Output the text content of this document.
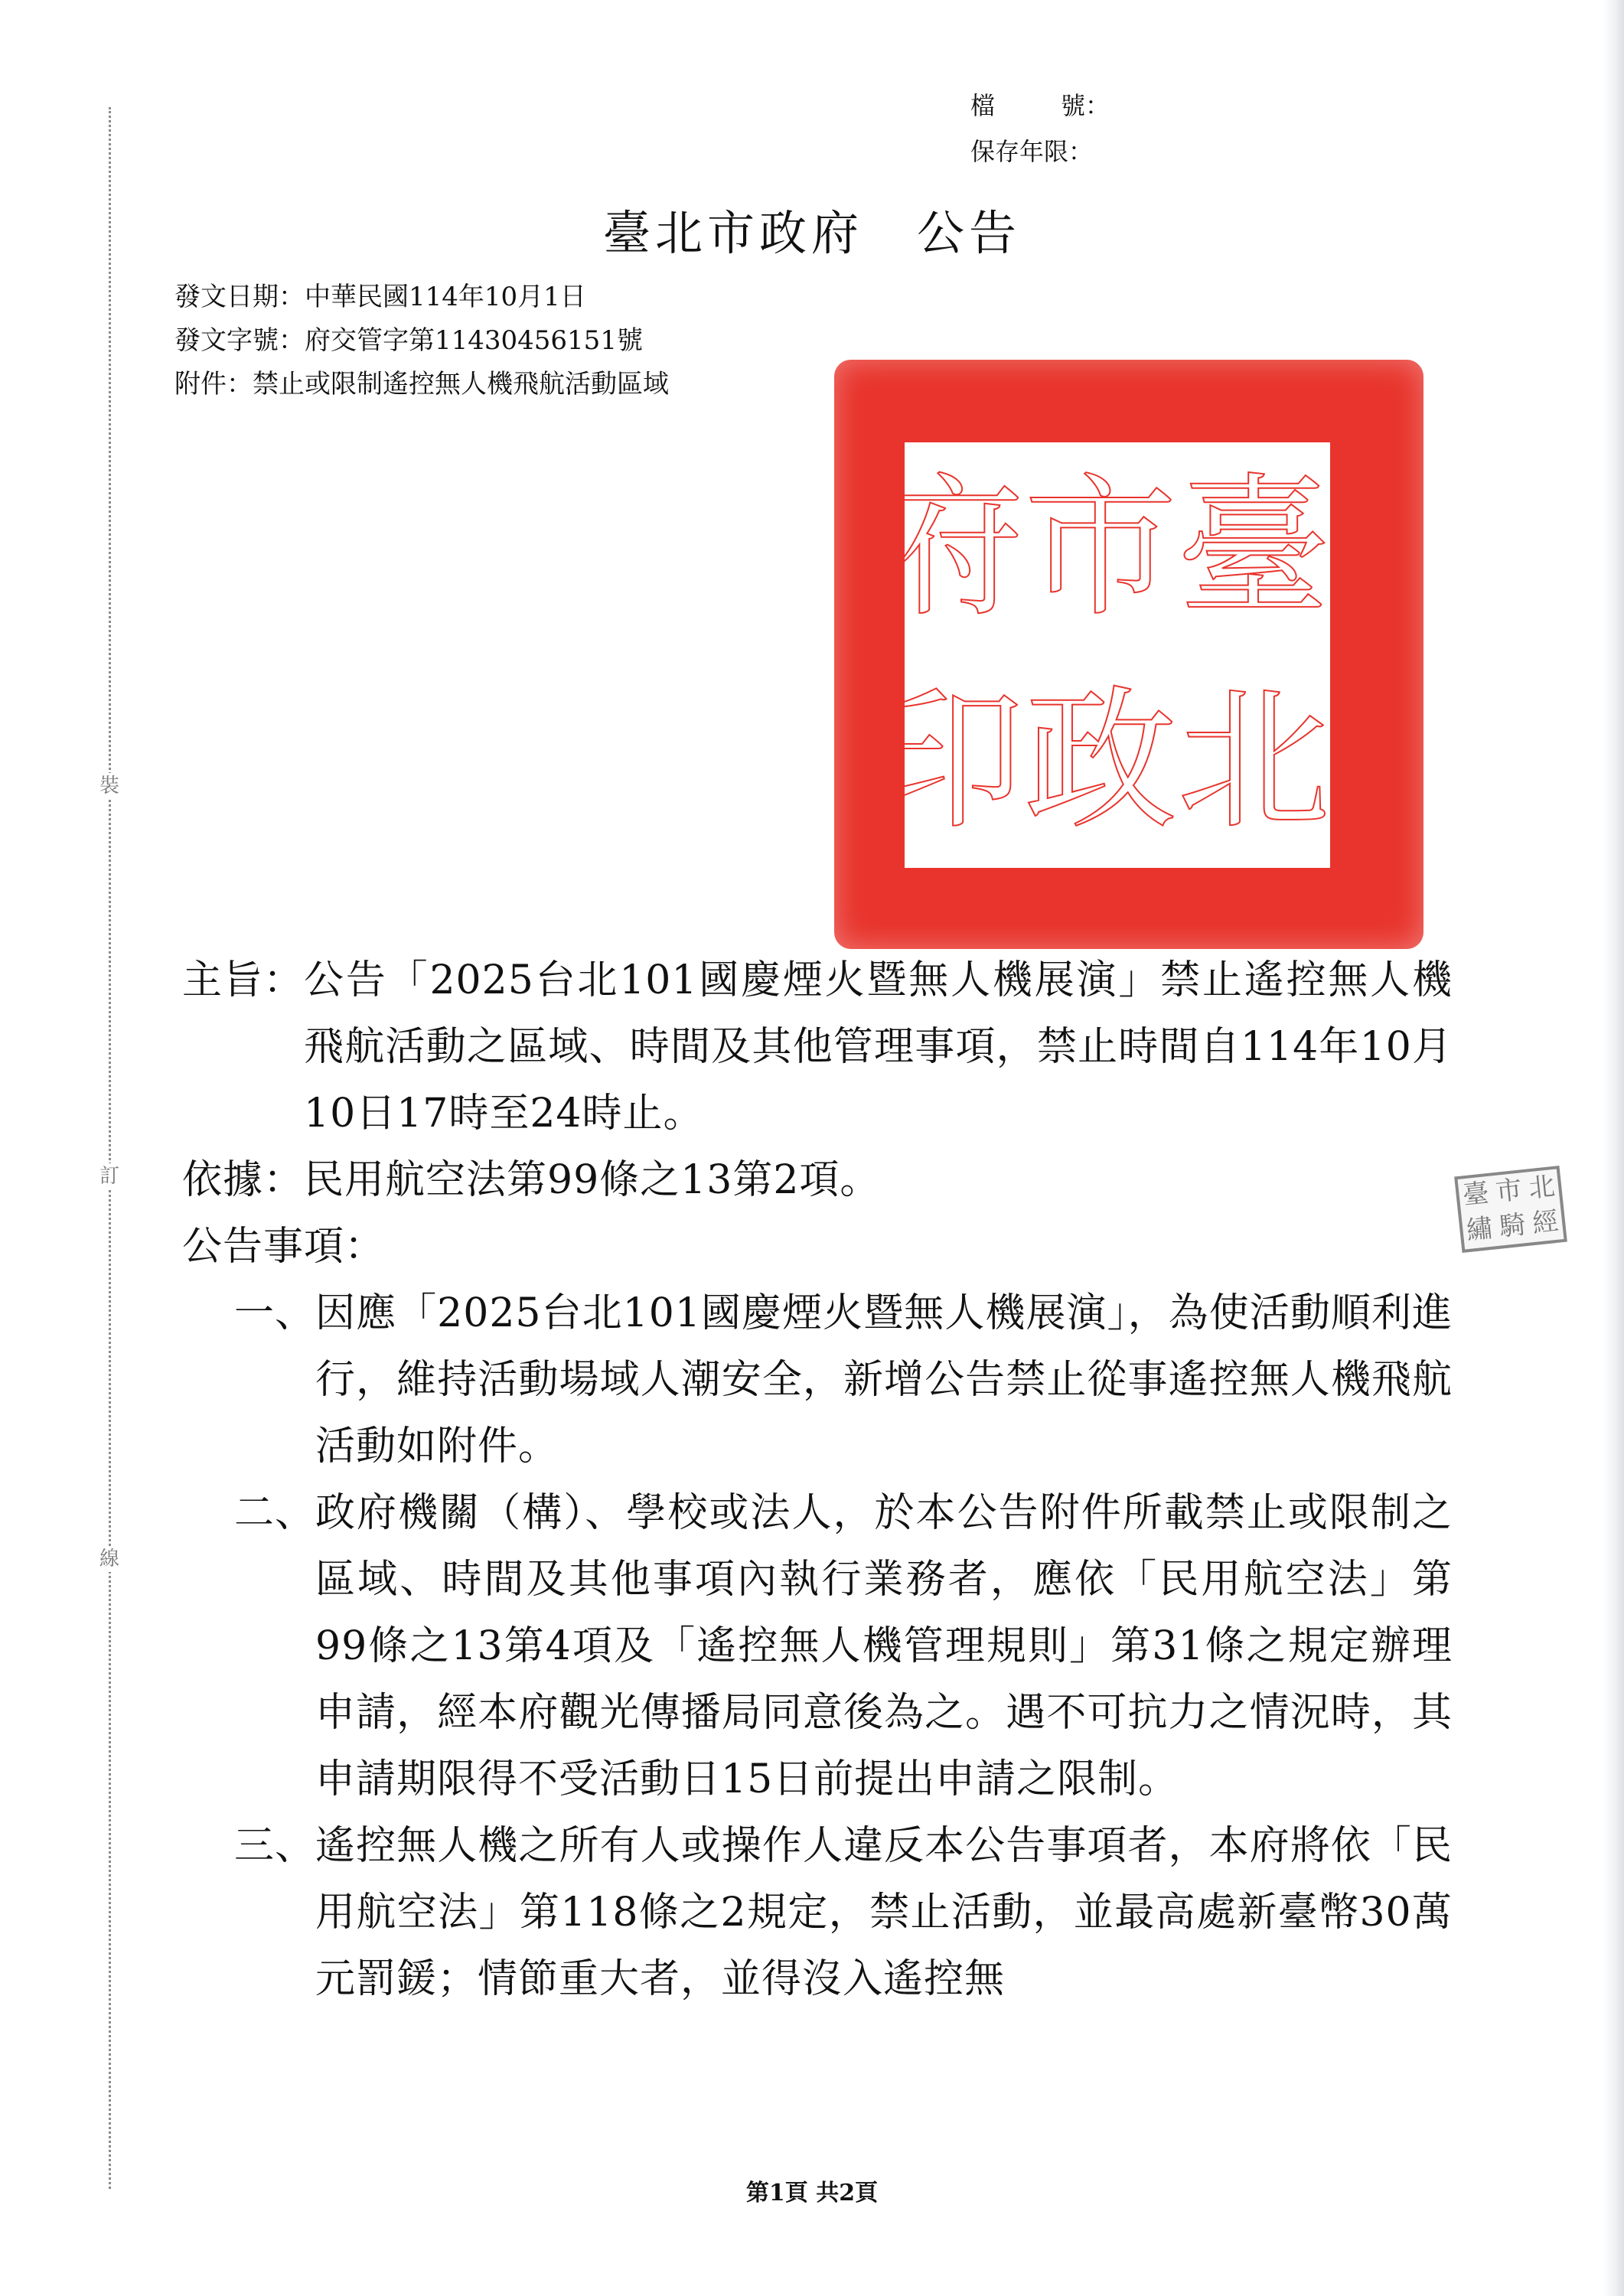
裝
訂
線
檔	號：
保存年限：
臺北市政府 公告
發文日期：中華民國114年10月1日
發文字號：府交管字第11430456151號
附件：禁止或限制遙控無人機飛航活動區域
臺
市
府
北
政
印
北
市
臺
經
騎
繡
主旨： 公告「2025台北101國慶煙火暨無人機展演」禁止遙控無人機飛航活動之區域、時間及其他管理事項，禁止時間自114年10月10日17時至24時止。
依據： 民用航空法第99條之13第2項。
公告事項：
一、 因應「2025台北101國慶煙火暨無人機展演」，為使活動順利進行，維持活動場域人潮安全，新增公告禁止從事遙控無人機飛航活動如附件。
二、 政府機關（構）、學校或法人，於本公告附件所載禁止或限制之區域、時間及其他事項內執行業務者，應依「民用航空法」第99條之13第4項及「遙控無人機管理規則」第31條之規定辦理申請，經本府觀光傳播局同意後為之。遇不可抗力之情況時，其申請期限得不受活動日15日前提出申請之限制。
三、 遙控無人機之所有人或操作人違反本公告事項者，本府將依「民用航空法」第118條之2規定，禁止活動，並最高處新臺幣30萬元罰鍰；情節重大者，並得沒入遙控無
第1頁 共2頁
